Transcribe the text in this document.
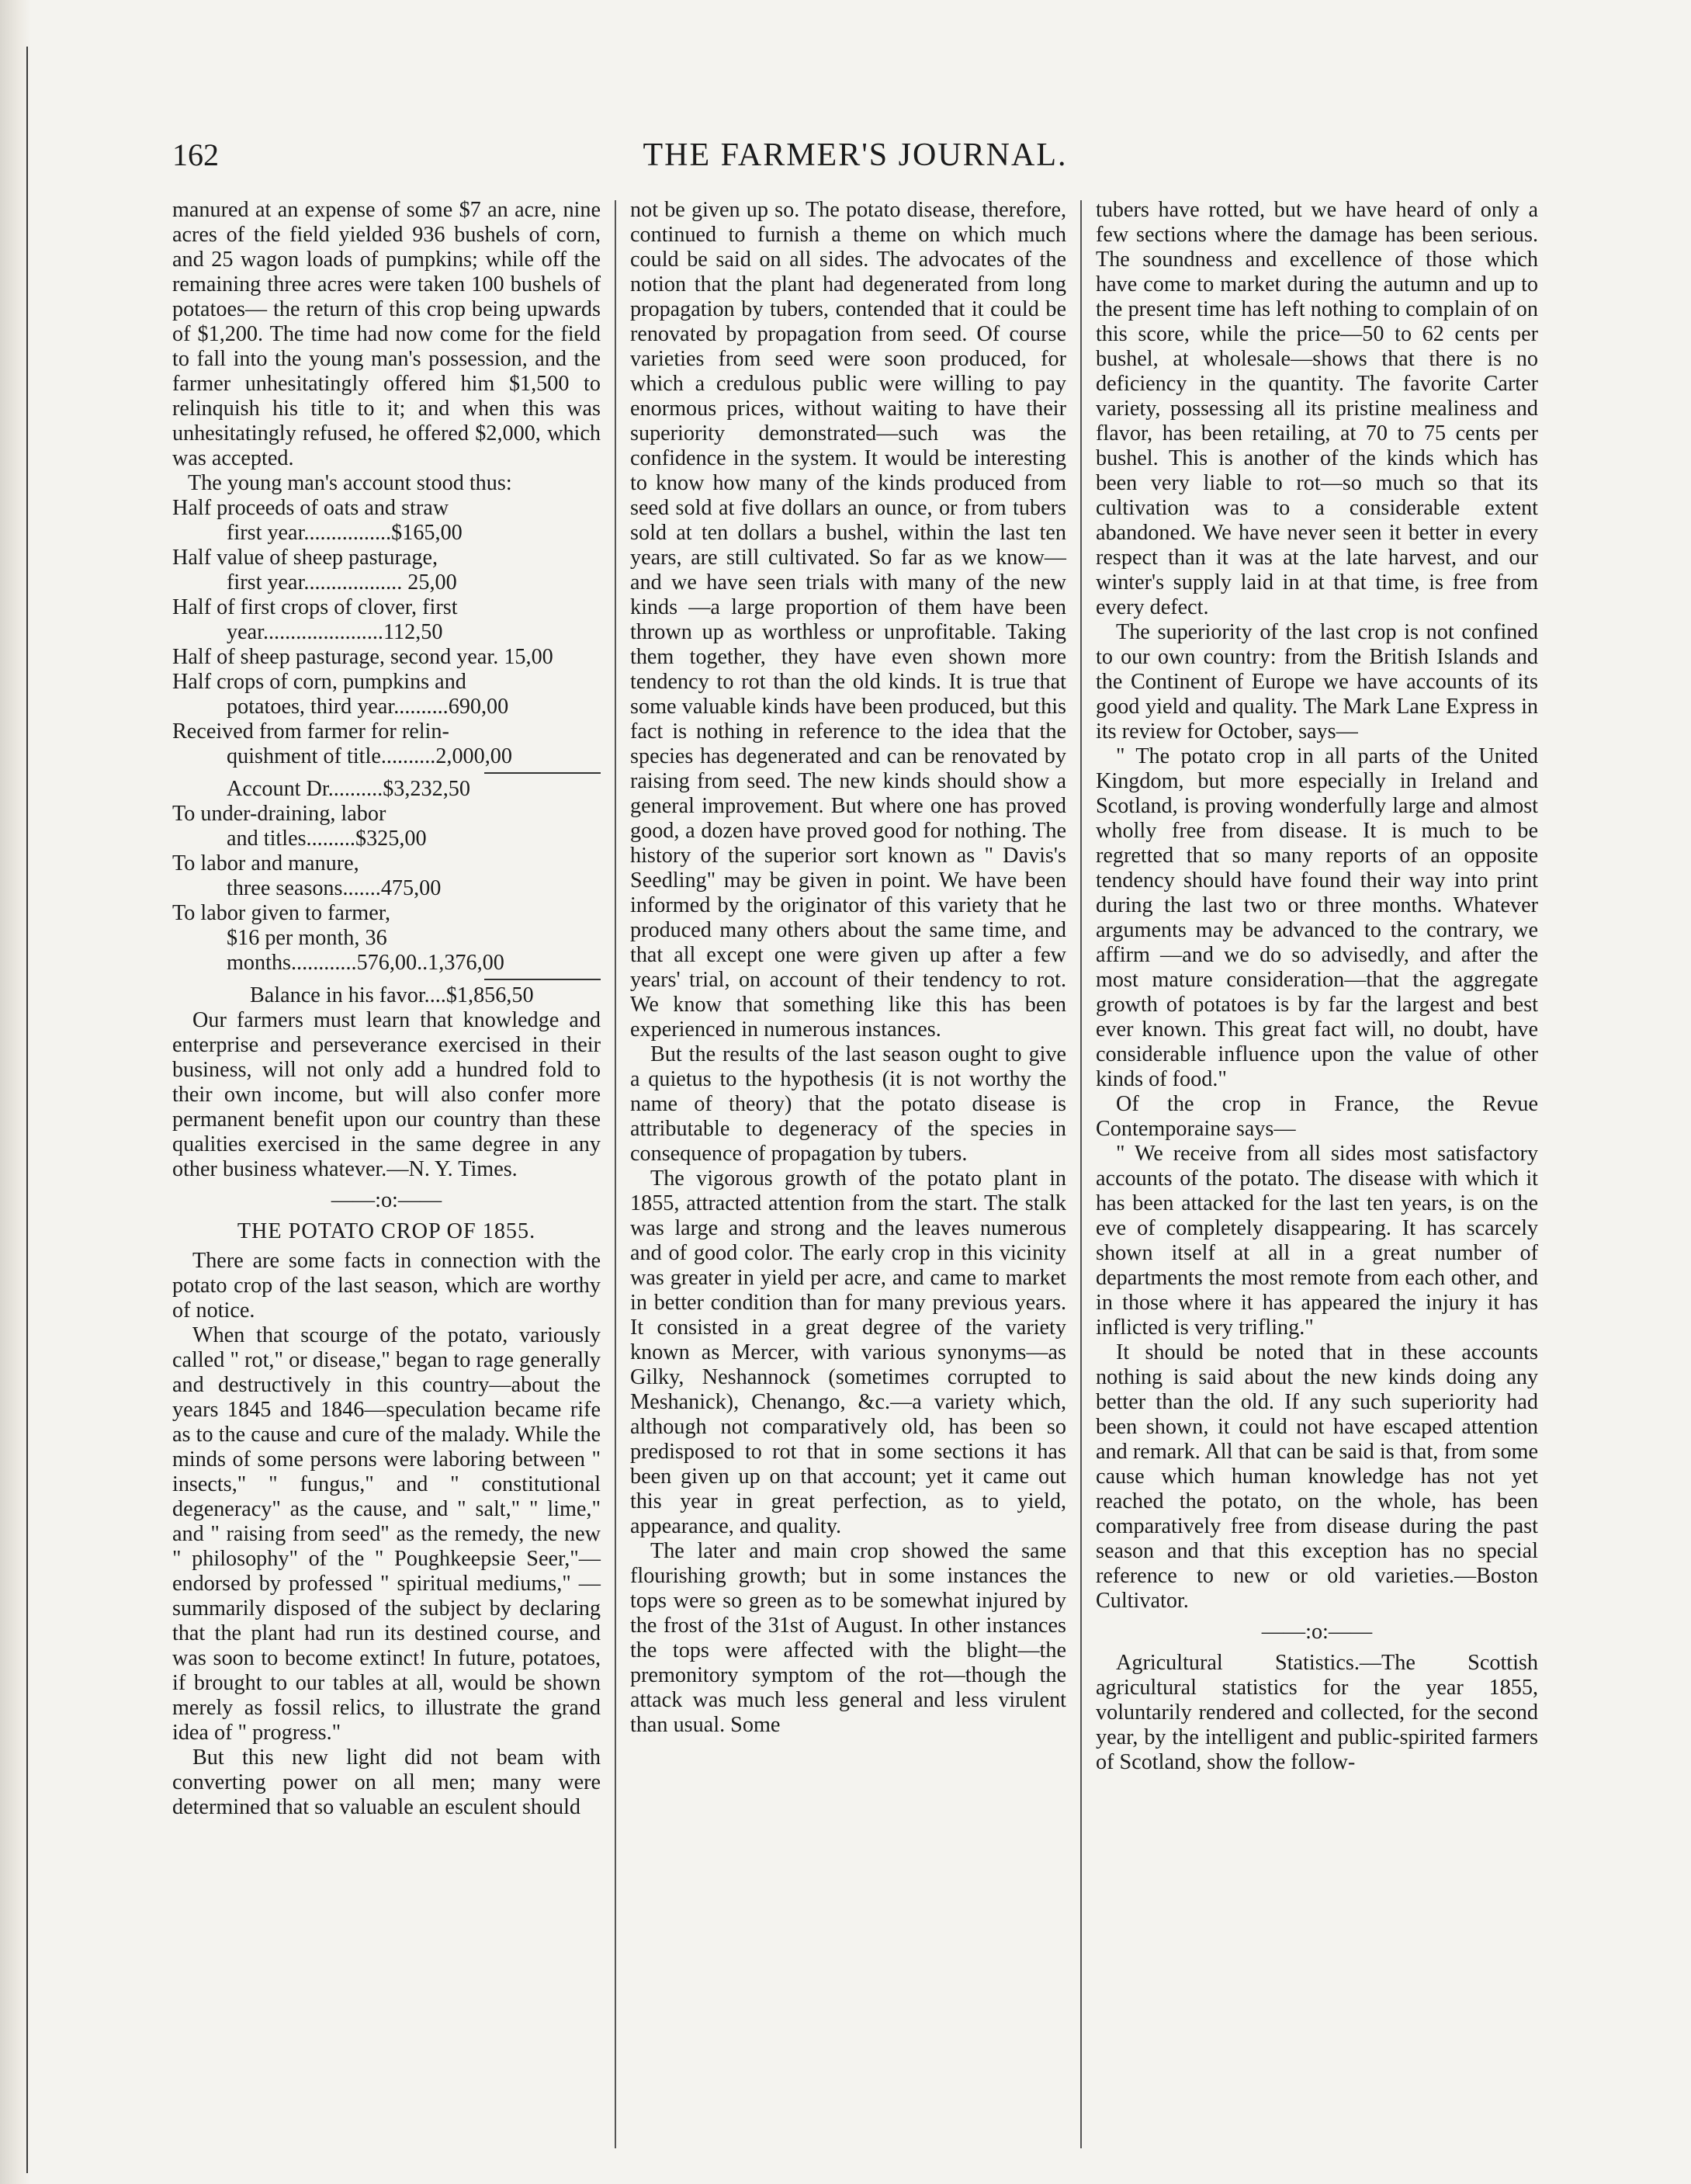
162	THE FARMER'S JOURNAL.

manured at an expense of some $7 an acre, nine acres of the field yielded 936 bushels of corn, and 25 wagon loads of pumpkins; while off the remaining three acres were taken 100 bushels of potatoes— the return of this crop being upwards of $1,200. The time had now come for the field to fall into the young man's possession, and the farmer unhesitatingly offered him $1,500 to relinquish his title to it; and when this was unhesitatingly refused, he offered $2,000, which was accepted.

The young man's account stood thus:

Half proceeds of oats and straw

first year................$165,00

Half value of sheep pasturage,

first year.................. 25,00

Half of first crops of clover, first

year......................112,50

Half of sheep pasturage, second year. 15,00

Half crops of corn, pumpkins and

potatoes, third year..........690,00

Received from farmer for relin-

quishment of title..........2,000,00

Account Dr..........$3,232,50

To under-draining, labor

and titles.........$325,00

To labor and manure,

three seasons.......475,00

To labor given to farmer,

$16 per month, 36

months............576,00..1,376,00

Balance in his favor....$1,856,50

Our farmers must learn that knowledge and enterprise and perseverance exercised in their business, will not only add a hundred fold to their own income, but will also confer more permanent benefit upon our country than these qualities exercised in the same degree in any other business whatever.—N. Y. Times.

——:o:——

THE POTATO CROP OF 1855.

There are some facts in connection with the potato crop of the last season, which are worthy of notice.

When that scourge of the potato, variously called " rot," or disease," began to rage generally and destructively in this country—about the years 1845 and 1846—speculation became rife as to the cause and cure of the malady. While the minds of some persons were laboring between " insects," " fungus," and " constitutional degeneracy" as the cause, and " salt," " lime," and " raising from seed" as the remedy, the new " philosophy" of the " Poughkeepsie Seer,"—endorsed by professed " spiritual mediums," —summarily disposed of the subject by declaring that the plant had run its destined course, and was soon to become extinct! In future, potatoes, if brought to our tables at all, would be shown merely as fossil relics, to illustrate the grand idea of " progress."

But this new light did not beam with converting power on all men; many were determined that so valuable an esculent should

not be given up so. The potato disease, therefore, continued to furnish a theme on which much could be said on all sides. The advocates of the notion that the plant had degenerated from long propagation by tubers, contended that it could be renovated by propagation from seed. Of course varieties from seed were soon produced, for which a credulous public were willing to pay enormous prices, without waiting to have their superiority demonstrated—such was the confidence in the system. It would be interesting to know how many of the kinds produced from seed sold at five dollars an ounce, or from tubers sold at ten dollars a bushel, within the last ten years, are still cultivated. So far as we know—and we have seen trials with many of the new kinds —a large proportion of them have been thrown up as worthless or unprofitable. Taking them together, they have even shown more tendency to rot than the old kinds. It is true that some valuable kinds have been produced, but this fact is nothing in reference to the idea that the species has degenerated and can be renovated by raising from seed. The new kinds should show a general improvement. But where one has proved good, a dozen have proved good for nothing. The history of the superior sort known as " Davis's Seedling" may be given in point. We have been informed by the originator of this variety that he produced many others about the same time, and that all except one were given up after a few years' trial, on account of their tendency to rot. We know that something like this has been experienced in numerous instances.

But the results of the last season ought to give a quietus to the hypothesis (it is not worthy the name of theory) that the potato disease is attributable to degeneracy of the species in consequence of propagation by tubers.

The vigorous growth of the potato plant in 1855, attracted attention from the start. The stalk was large and strong and the leaves numerous and of good color. The early crop in this vicinity was greater in yield per acre, and came to market in better condition than for many previous years. It consisted in a great degree of the variety known as Mercer, with various synonyms—as Gilky, Neshannock (sometimes corrupted to Meshanick), Chenango, &c.—a variety which, although not comparatively old, has been so predisposed to rot that in some sections it has been given up on that account; yet it came out this year in great perfection, as to yield, appearance, and quality.

The later and main crop showed the same flourishing growth; but in some instances the tops were so green as to be somewhat injured by the frost of the 31st of August. In other instances the tops were affected with the blight—the premonitory symptom of the rot—though the attack was much less general and less virulent than usual. Some

tubers have rotted, but we have heard of only a few sections where the damage has been serious. The soundness and excellence of those which have come to market during the autumn and up to the present time has left nothing to complain of on this score, while the price—50 to 62 cents per bushel, at wholesale—shows that there is no deficiency in the quantity. The favorite Carter variety, possessing all its pristine mealiness and flavor, has been retailing, at 70 to 75 cents per bushel. This is another of the kinds which has been very liable to rot—so much so that its cultivation was to a considerable extent abandoned. We have never seen it better in every respect than it was at the late harvest, and our winter's supply laid in at that time, is free from every defect.

The superiority of the last crop is not confined to our own country: from the British Islands and the Continent of Europe we have accounts of its good yield and quality. The Mark Lane Express in its review for October, says—

" The potato crop in all parts of the United Kingdom, but more especially in Ireland and Scotland, is proving wonderfully large and almost wholly free from disease. It is much to be regretted that so many reports of an opposite tendency should have found their way into print during the last two or three months. Whatever arguments may be advanced to the contrary, we affirm —and we do so advisedly, and after the most mature consideration—that the aggregate growth of potatoes is by far the largest and best ever known. This great fact will, no doubt, have considerable influence upon the value of other kinds of food."

Of the crop in France, the Revue Contemporaine says—

" We receive from all sides most satisfactory accounts of the potato. The disease with which it has been attacked for the last ten years, is on the eve of completely disappearing. It has scarcely shown itself at all in a great number of departments the most remote from each other, and in those where it has appeared the injury it has inflicted is very trifling."

It should be noted that in these accounts nothing is said about the new kinds doing any better than the old. If any such superiority had been shown, it could not have escaped attention and remark. All that can be said is that, from some cause which human knowledge has not yet reached the potato, on the whole, has been comparatively free from disease during the past season and that this exception has no special reference to new or old varieties.—Boston Cultivator.

——:o:——

Agricultural Statistics.—The Scottish agricultural statistics for the year 1855, voluntarily rendered and collected, for the second year, by the intelligent and public-spirited farmers of Scotland, show the follow-
